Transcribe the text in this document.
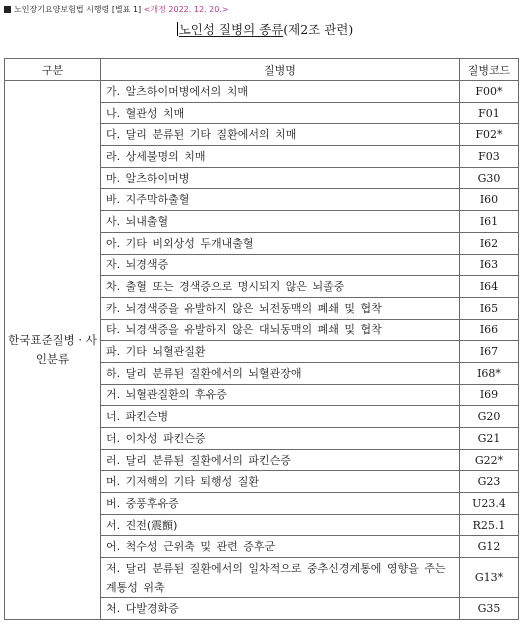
노인장기요양보험법 시행령 [별표 1] <개정 2022. 12. 20.>
노인성 질병의 종류(제2조 관련)
구분	질병명	질병코드
한국표준질병 · 사인분류	가. 알츠하이머병에서의 치매	F00*
	나. 혈관성 치매	F01
	다. 달리 분류된 기타 질환에서의 치매	F02*
	라. 상세불명의 치매	F03
	마. 알츠하이머병	G30
	바. 지주막하출혈	I60
	사. 뇌내출혈	I61
	아. 기타 비외상성 두개내출혈	I62
	자. 뇌경색증	I63
	차. 출혈 또는 경색증으로 명시되지 않은 뇌졸중	I64
	카. 뇌경색증을 유발하지 않은 뇌전동맥의 폐쇄 및 협착	I65
	타. 뇌경색증을 유발하지 않은 대뇌동맥의 폐쇄 및 협착	I66
	파. 기타 뇌혈관질환	I67
	하. 달리 분류된 질환에서의 뇌혈관장애	I68*
	거. 뇌혈관질환의 후유증	I69
	너. 파킨슨병	G20
	더. 이차성 파킨슨증	G21
	러. 달리 분류된 질환에서의 파킨슨증	G22*
	머. 기저핵의 기타 퇴행성 질환	G23
	버. 중풍후유증	U23.4
	서. 진전(震顫)	R25.1
	어. 척수성 근위축 및 관련 증후군	G12
	저. 달리 분류된 질환에서의 일차적으로 중추신경계통에 영향을 주는 계통성 위축	G13*
	처. 다발경화증	G35
